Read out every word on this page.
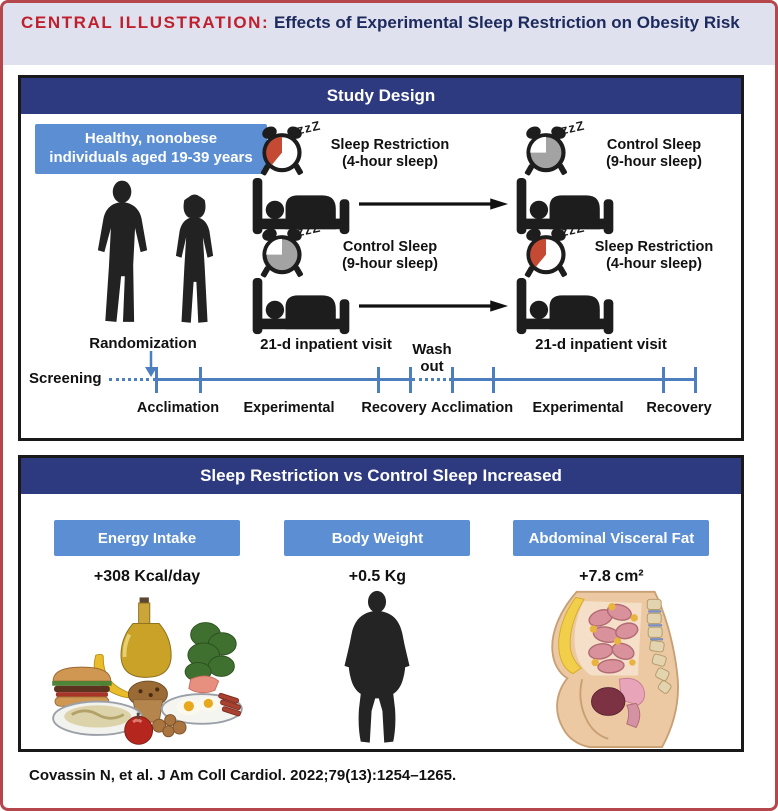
CENTRAL ILLUSTRATION: Effects of Experimental Sleep Restriction on Obesity Risk
Study Design
Healthy, nonobese individuals aged 19-39 years
Randomization
zzZ
Sleep Restriction
(4-hour sleep)
zzZ
Control Sleep
(9-hour sleep)
zzZ
Control Sleep
(9-hour sleep)
zzZ
Sleep Restriction
(4-hour sleep)
21-d inpatient visit	21-d inpatient visit
Screening
Wash out
Acclimation	Experimental	Recovery Acclimation	Experimental	Recovery
Sleep Restriction vs Control Sleep Increased
Energy Intake
+308 Kcal/day
Body Weight
+0.5 Kg
Abdominal Visceral Fat
+7.8 cm²
Covassin N, et al. J Am Coll Cardiol. 2022;79(13):1254–1265.
